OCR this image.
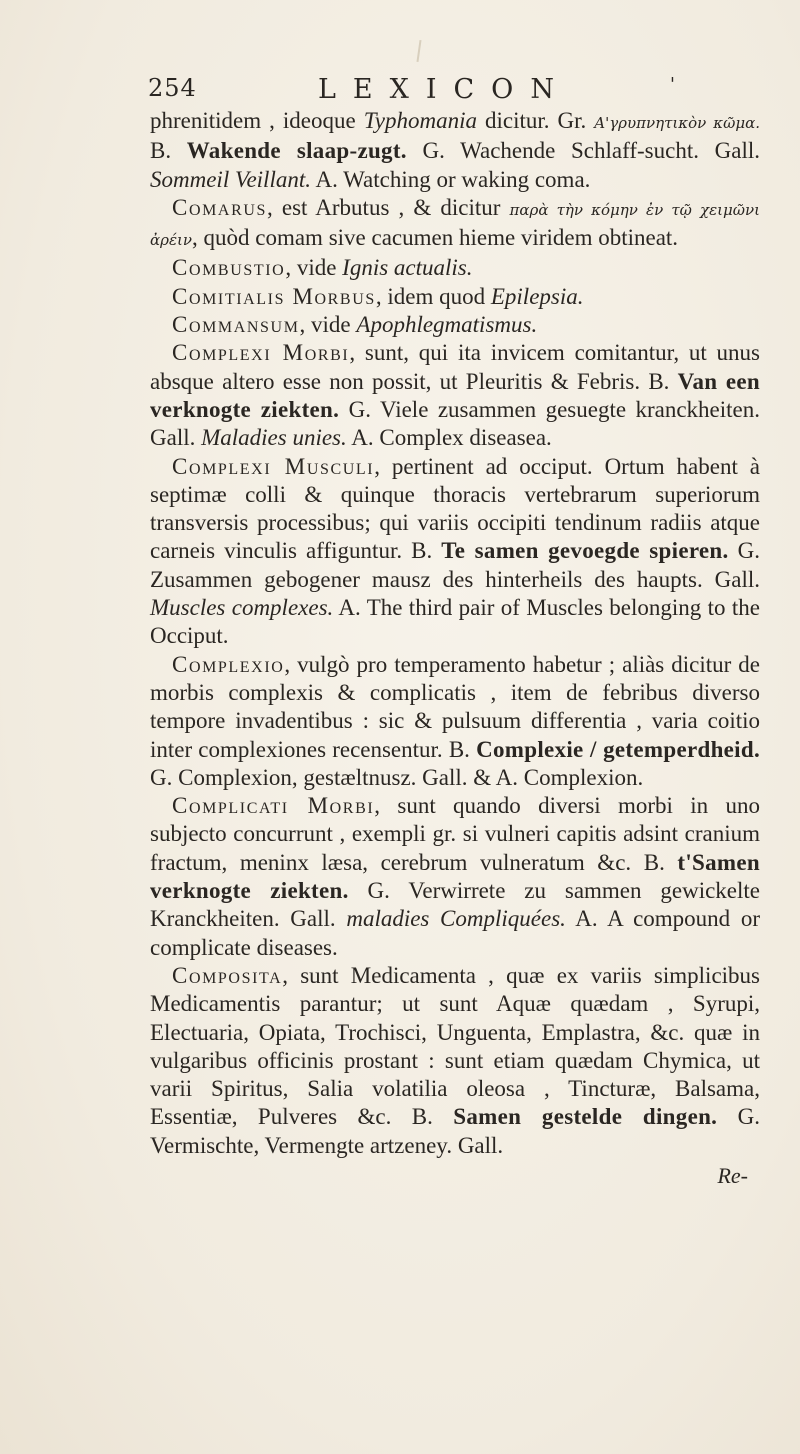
254	LEXICON	'

phrenitidem , ideoque Typhomania dicitur. Gr. Α'γρυπνητικὸν κῶμα. B. Wakende slaap-zugt. G. Wachende Schlaff-sucht. Gall. Sommeil Veillant. A. Watching or waking coma.

Comarus, est Arbutus , & dicitur παρὰ τὴν κόμην ἐν τῷ χειμῶνι ἀρέιν, quòd comam sive cacumen hieme viridem obtineat.

Combustio, vide Ignis actualis.

Comitialis Morbus, idem quod Epilepsia.

Commansum, vide Apophlegmatismus.

Complexi Morbi, sunt, qui ita invicem comitantur, ut unus absque altero esse non possit, ut Pleuritis & Febris. B. Van een verknogte ziekten. G. Viele zusammen gesuegte kranckheiten. Gall. Maladies unies. A. Complex diseasea.

Complexi Musculi, pertinent ad occiput. Ortum habent à septimæ colli & quinque thoracis vertebrarum superiorum transversis processibus; qui variis occipiti tendinum radiis atque carneis vinculis affiguntur. B. Te samen gevoegde spieren. G. Zusammen gebogener mausz des hinterheils des haupts. Gall. Muscles complexes. A. The third pair of Muscles belonging to the Occiput.

Complexio, vulgò pro temperamento habetur ; aliàs dicitur de morbis complexis & complicatis , item de febribus diverso tempore invadentibus : sic & pulsuum differentia , varia coitio inter complexiones recensentur. B. Complexie / getemperdheid. G. Complexion, gestæltnusz. Gall. & A. Complexion.

Complicati Morbi, sunt quando diversi morbi in uno subjecto concurrunt , exempli gr. si vulneri capitis adsint cranium fractum, meninx læsa, cerebrum vulneratum &c. B. t'Samen verknogte ziekten. G. Verwirrete zu sammen gewickelte Kranckheiten. Gall. maladies Compliquées. A. A compound or complicate diseases.

Composita, sunt Medicamenta , quæ ex variis simplicibus Medicamentis parantur; ut sunt Aquæ quædam , Syrupi, Electuaria, Opiata, Trochisci, Unguenta, Emplastra, &c. quæ in vulgaribus officinis prostant : sunt etiam quædam Chymica, ut varii Spiritus, Salia volatilia oleosa , Tincturæ, Balsama, Essentiæ, Pulveres &c. B. Samen gestelde dingen. G. Vermischte, Vermengte artzeney. Gall.

Re-
